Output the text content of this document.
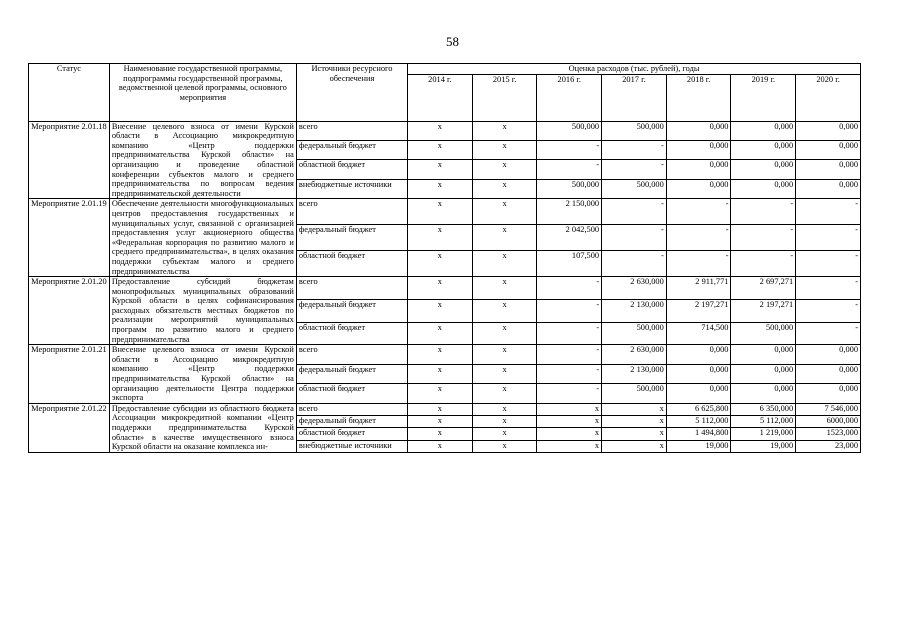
58
Статус	Наименование государственной программы, подпрограммы государственной программы, ведомственной целевой программы, основного мероприятия	Источники ресурсного обеспечения	Оценка расходов (тыс. рублей), годы						
			2014 г.	2015 г.	2016 г.	2017 г.	2018 г.	2019 г.	2020 г.
Мероприятие 2.01.18	Внесение целевого взноса от имени Курской области в Ассоциацию микрокредитную компанию «Центр поддержки предпринимательства Курской области» на организацию и проведение областной конференции субъектов малого и среднего предпринимательства по вопросам ведения предпринимательской деятельности	всего	х	х	500,000	500,000	0,000	0,000	0,000
		федеральный бюджет	х	х	-	-	0,000	0,000	0,000
		областной бюджет	х	х	-	-	0,000	0,000	0,000
		внебюджетные источники	х	х	500,000	500,000	0,000	0,000	0,000
Мероприятие 2.01.19	Обеспечение деятельности многофункциональных центров предоставления государственных и муниципальных услуг, связанной с организацией предоставления услуг акционерного общества «Федеральная корпорация по развитию малого и среднего предпринимательства», в целях оказания поддержки субъектам малого и среднего предпринимательства	всего	х	х	2 150,000	-	-	-	-
		федеральный бюджет	х	х	2 042,500	-	-	-	-
		областной бюджет	х	х	107,500	-	-	-	-
Мероприятие 2.01.20	Предоставление субсидий бюджетам монопрофильных муниципальных образований Курской области в целях софинансирования расходных обязательств местных бюджетов по реализации мероприятий муниципальных программ по развитию малого и среднего предпринимательства	всего	х	х	-	2 630,000	2 911,771	2 697,271	-
		федеральный бюджет	х	х	-	2 130,000	2 197,271	2 197,271	-
		областной бюджет	х	х	-	500,000	714,500	500,000	-
Мероприятие 2.01.21	Внесение целевого взноса от имени Курской области в Ассоциацию микрокредитную компанию «Центр поддержки предпринимательства Курской области» на организацию деятельности Центра поддержки экспорта	всего	х	х	-	2 630,000	0,000	0,000	0,000
		федеральный бюджет	х	х	-	2 130,000	0,000	0,000	0,000
		областной бюджет	х	х	-	500,000	0,000	0,000	0,000
Мероприятие 2.01.22	Предоставление субсидии из областного бюджета Ассоциации микрокредитной компании «Центр поддержки предпринимательства Курской области» в качестве имущественного взноса Курской области на оказание комплекса ин-	всего	х	х	х	х	6 625,800	6 350,000	7 546,000
		федеральный бюджет	х	х	х	х	5 112,000	5 112,000	6000,000
		областной бюджет	х	х	х	х	1 494,800	1 219,000	1523,000
		внебюджетные источники	х	х	х	х	19,000	19,000	23,000
